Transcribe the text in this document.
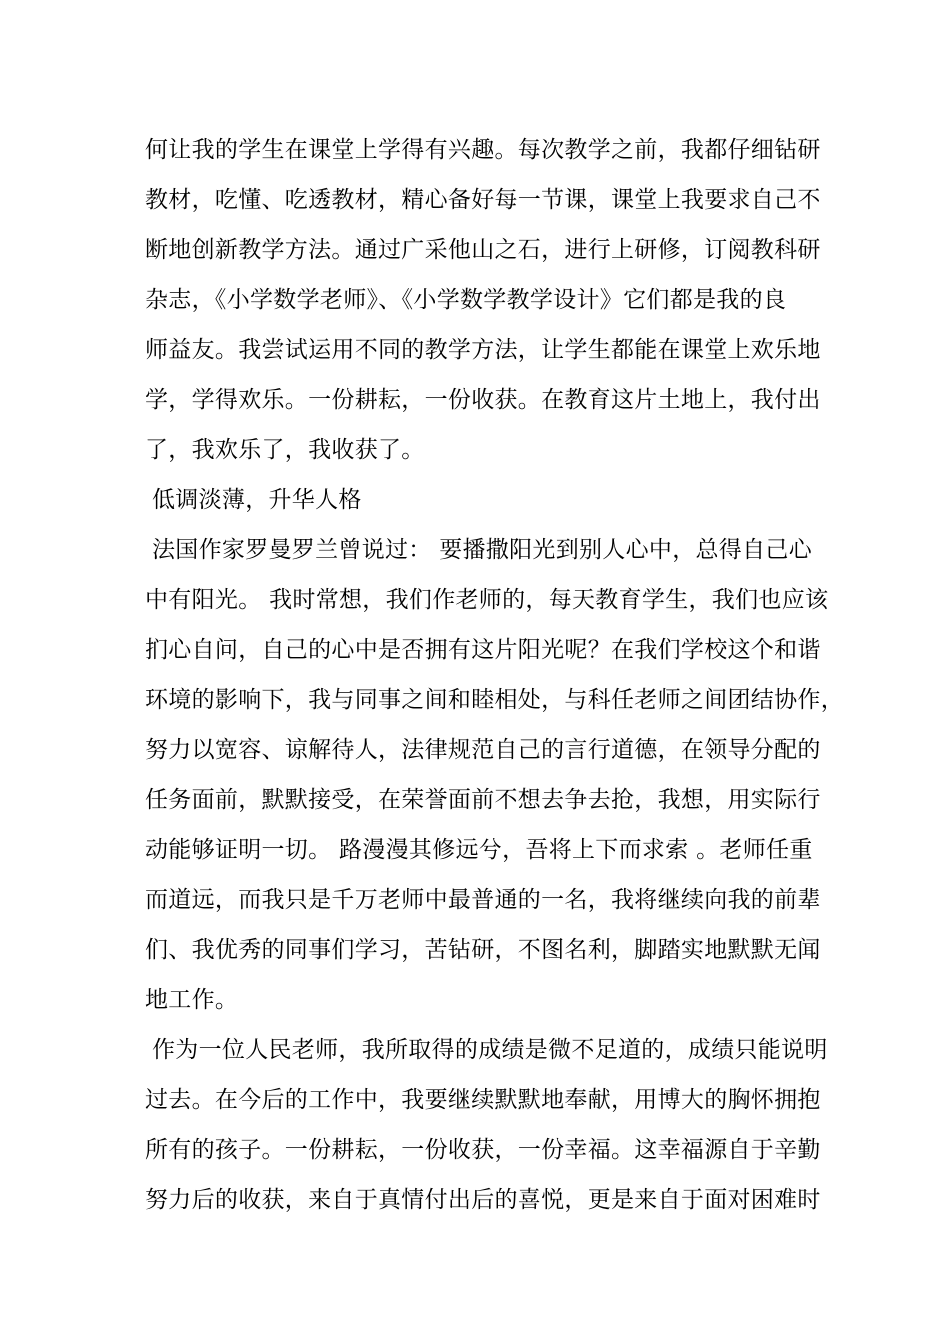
何让我的学生在课堂上学得有兴趣。每次教学之前，我都仔细钻研
教材，吃懂、吃透教材，精心备好每一节课，课堂上我要求自己不
断地创新教学方法。通过广采他山之石，进行上研修，订阅教科研
杂志，《小学数学老师》、《小学数学教学设计》它们都是我的良
师益友。我尝试运用不同的教学方法，让学生都能在课堂上欢乐地
学，学得欢乐。一份耕耘，一份收获。在教育这片土地上，我付出
了，我欢乐了，我收获了。
低调淡薄，升华人格
法国作家罗曼罗兰曾说过： 要播撒阳光到别人心中，总得自己心
中有阳光。 我时常想，我们作老师的，每天教育学生，我们也应该
扪心自问，自己的心中是否拥有这片阳光呢？在我们学校这个和谐
环境的影响下，我与同事之间和睦相处，与科任老师之间团结协作，
努力以宽容、谅解待人，法律规范自己的言行道德，在领导分配的
任务面前，默默接受，在荣誉面前不想去争去抢，我想，用实际行
动能够证明一切。 路漫漫其修远兮，吾将上下而求索 。老师任重
而道远，而我只是千万老师中最普通的一名，我将继续向我的前辈
们、我优秀的同事们学习，苦钻研，不图名利，脚踏实地默默无闻
地工作。
作为一位人民老师，我所取得的成绩是微不足道的，成绩只能说明
过去。在今后的工作中，我要继续默默地奉献，用博大的胸怀拥抱
所有的孩子。一份耕耘，一份收获，一份幸福。这幸福源自于辛勤
努力后的收获，来自于真情付出后的喜悦，更是来自于面对困难时
